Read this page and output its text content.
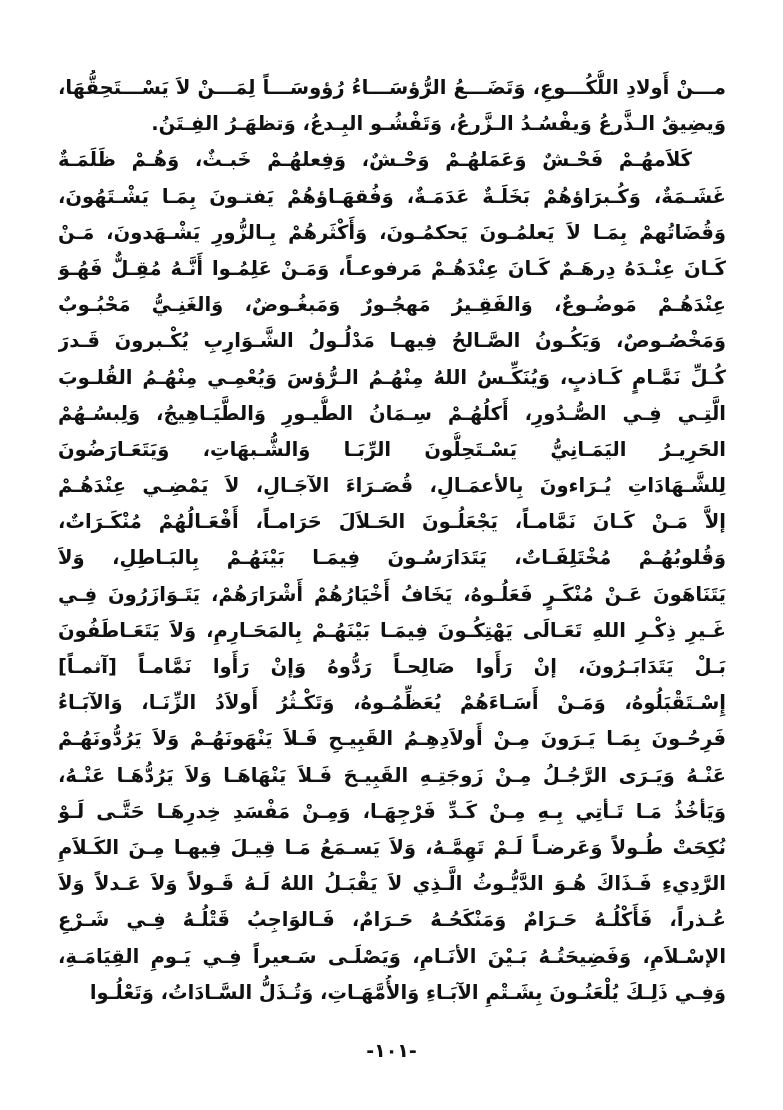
مـــنْ أَولادِ اللُّكُـــوعِ، وَتَضَـــعُ الرُّؤسَـــاءُ رُؤوسَـــاً لِمَـــنْ لاَ يَسْـــتَحِقُّهَا،
وَيضِيقُ الـذَّرعُ وَيفْسُـدُ الـزَّرعُ، وَتَفْشُـو البِـدعُ، وَتظهَـرُ الفِـتَنُ.
كَلاَمهُـمْ فَحْـشٌ وَعَمَلهُـمْ وَحْـشٌ، وَفِعلهُـمْ خَبـثٌ، وَهُـمْ ظَلَمَـةٌ
غَشَـمَةٌ، وَكُـبرَاؤهُمْ بَخَلَـةٌ عَدَمَـةٌ، وَفُقهَـاؤهُمْ يَفتـونَ بِمَـا يَشْـتَهُونَ،
وَقُضَاتُهمْ بِمَـا لاَ يَعلمُـونَ يَحكمُـونَ، وَأَكْثَرهُمْ بِـالزُّورِ يَشْـهَدونَ، مَـنْ
كَـانَ عِنْـدَهُ دِرهَـمٌ كَـانَ عِنْدَهُـمْ مَرفوعـاً، وَمَـنْ عَلِمُـوا أَنَّـهُ مُقِـلٌّ فَهُـوَ
عِنْدَهُـمْ مَوضُـوعٌ، وَالفَقِـيرُ مَهجُـورٌ وَمَبغُـوضٌ، وَالغَنِـيُّ مَحْبُـوبٌ
وَمَخْصُـوصٌ، وَيَكُـونُ الصَّـالحُ فِيهـا مَدْلُـولُ الشَّـوَارِبِ يُكْـبرونَ قَـدرَ
كُـلِّ نَمَّـامٍ كَـاذبٍ، وَيُنَكِّـسُ اللهُ مِنْهُـمُ الـرُّؤسَ وَيُعْمِـي مِنْهُـمُ القُلـوبَ
الَّتِـي فِـي الصُّـدُورِ، أَكلُهُـمْ سِـمَانُ الطُّيـورِ وَالطَّيَـاهِيجُ، وَلِبسُـهُمْ
الحَرِيـرُ اليَمَـانِيُّ يَسْـتَحِلُّونَ الرِّبَـا وَالشُّـبهَاتِ، وَيَتَعَـارَضُونَ
لِلشَّـهَادَاتِ يُـرَاءونَ بِالأعمَـالِ، قُصَـرَاءَ الآجَـالِ، لاَ يَمْضِـي عِنْدَهُـمْ
إلاَّ مَـنْ كَـانَ نَمَّامـاً، يَجْعَلُـونَ الحَـلاَلَ حَرَامـاً، أَفْعَـالُهُمْ مُنْكَـرَاتٌ،
وَقُلوبُهُـمْ مُخْتَلِفَـاتٌ، يَتَدَارَسُـونَ فِيمَـا بَيْنَهُـمْ بِالبَـاطِلِ، وَلاَ
يَتَنَاهَونَ عَـنْ مُنْكَـرٍ فَعَلُـوهُ، يَخَافُ أَخْيَارُهُمْ أَشْرَارَهُمْ، يَتَـوَازَرُونَ فِـي
غَـيرِ ذِكْـرِ اللهِ تَعَـالَى يَهْتِكُـونَ فِيمَـا بَيْنَهُـمْ بِالمَحَـارِمِ، وَلاَ يَتَعَـاطَفُونَ
بَـلْ يَتَدَابَـرُونَ، إنْ رَأَوا صَالِحـاً رَدُّوهُ وَإنْ رَأَوا نَمَّامـاً [آثمـاً]
إِسْـتَقْبَلُوهُ، وَمَـنْ أَسَـاءَهُمْ يُعَظِّمُـوهُ، وَتَكْـثُرُ أَولاَدُ الزِّنَـا، وَالآبَـاءُ
فَرِحُـونَ بِمَـا يَـرَونَ مِـنْ أَولاَدِهِـمُ القَبِيـحِ فَـلاَ يَنْهَونَهُـمْ وَلاَ يَرُدُّونَهُـمْ
عَنْـهُ وَيَـرَى الرَّجُـلُ مِـنْ زَوجَتِـهِ القَبِيـحَ فَـلاَ يَنْهَاهَـا وَلاَ يَرُدُّهَـا عَنْـهُ،
وَيَأخُذُ مَـا تَـأتِي بِـهِ مِـنْ كَـدِّ فَرْجِهَـا، وَمِـنْ مَفْسَدِ خِدرِهَـا حَتَّـى لَـوْ
نُكِحَتْ طُـولاً وَعَرضـاً لَـمْ تَهِمَّـهُ، وَلاَ يَسـمَعُ مَـا قِيـلَ فِيهـا مِـنَ الكَـلاَمِ
الرَّدِيءِ فَـذَاكَ هُـوَ الدَّيُّـوثُ الَّـذِي لاَ يَقْبَـلُ اللهُ لَـهُ قَـولاً وَلاَ عَـدلاً وَلاَ
عُـذراً، فَأَكْلُـهُ حَـرَامٌ وَمَنْكَحُـهُ حَـرَامٌ، فَـالوَاجِبُ قَتْلُـهُ فِـي شَـرْعِ
الإسْـلاَمِ، وَفَضِيحَتُـهُ بَـيْنَ الأنَـامِ، وَيَصْلَـى سَـعيراً فِـي يَـومِ القِيَامَـةِ،
وَفِـي ذَلِـكَ يُلْعَنُـونَ بِشَـتْمِ الآبَـاءِ وَالأُمَّهَـاتِ، وَتُـذَلُّ السَّـادَاتُ، وَتَعْلُـوا
-١٠١-
